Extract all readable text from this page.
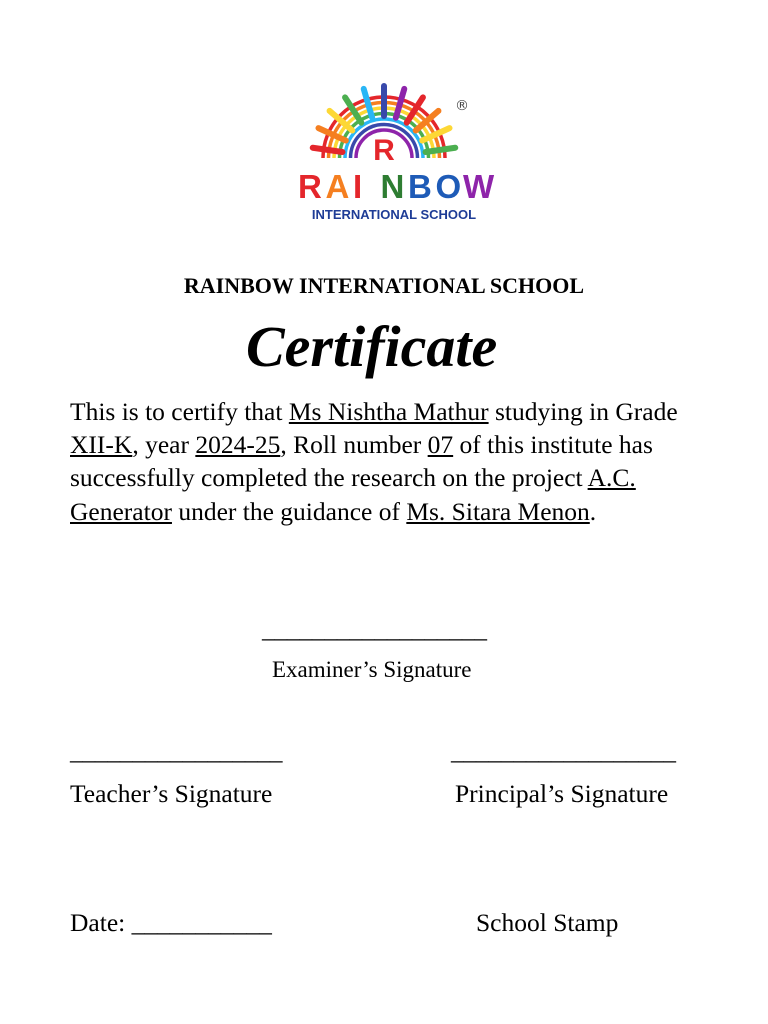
R
®
R A I N B O W
INTERNATIONAL SCHOOL
RAINBOW INTERNATIONAL SCHOOL
Certificate
This is to certify that Ms Nishtha Mathur studying in Grade XII-K, year 2024-25, Roll number 07 of this institute has successfully completed the research on the project A.C. Generator under the guidance of Ms. Sitara Menon.
__________________
Examiner’s Signature
_________________	__________________
Teacher’s Signature	Principal’s Signature
Date: ___________	School Stamp
